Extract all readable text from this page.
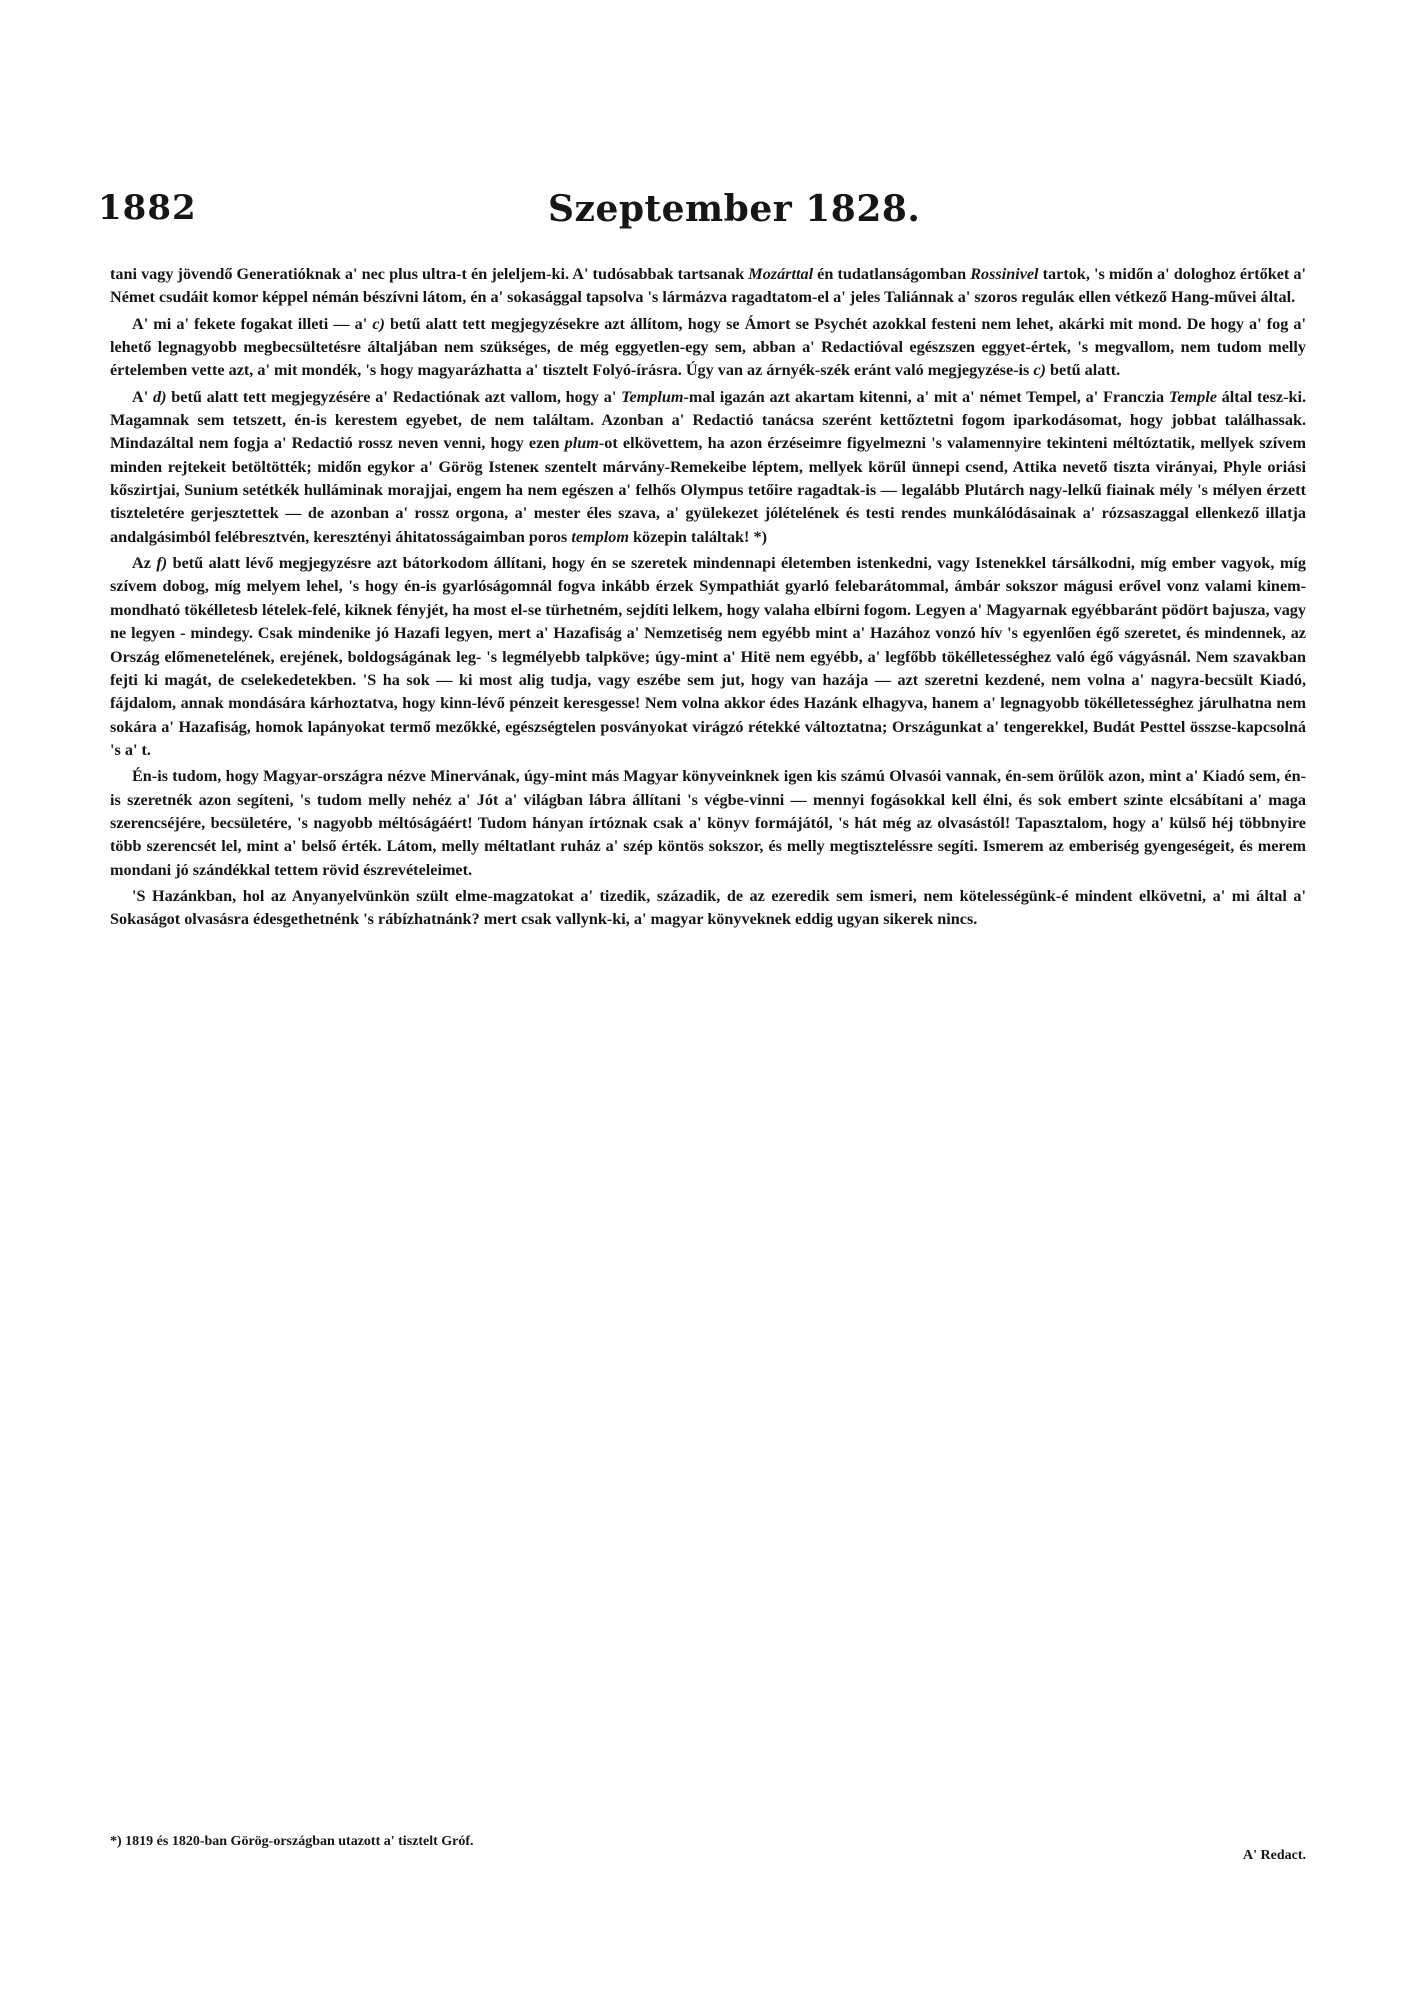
1882	Szeptember 1828.

tani vagy jövendő Generatióknak a' nec plus ultra-t én jeleljem-ki. A' tudósabbak tartsanak Mozárttal én tudatlanságomban Rossinivel tartok, 's midőn a' dologhoz értőket a' Német csudáit komor képpel némán bészívni látom, én a' sokasággal tapsolva 's lármázva ragadtatom-el a' jeles Taliánnak a' szoros reguláк ellen vétkező Hang-művei által.

A' mi a' fekete fogakat illeti — a' c) betű alatt tett megjegyzésekre azt állítom, hogy se Ámort se Psychét azokkal festeni nem lehet, akárki mit mond. De hogy a' fog a' lehető legnagyobb megbecsültetésre általjában nem szükséges, de még eggyetlen-egy sem, abban a' Redactióval egészszen eggyet-értek, 's megvallom, nem tudom melly értelemben vette azt, a' mit mondék, 's hogy magyarázhatta a' tisztelt Folyó-írásra. Úgy van az árnyék-szék eránt való megjegyzése-is c) betű alatt.

A' d) betű alatt tett megjegyzésére a' Redactiónak azt vallom, hogy a' Templum-mal igazán azt akartam kitenni, a' mit a' német Tempel, a' Franczia Temple által tesz-ki. Magamnak sem tetszett, én-is kerestem egyebet, de nem találtam. Azonban a' Redactió tanácsa szerént kettőztetni fogom iparkodásomat, hogy jobbat találhassak. Mindazáltal nem fogja a' Redactió rossz neven venni, hogy ezen plum-ot elkövettem, ha azon érzéseimre figyelmezni 's valamennyire tekinteni méltóztatik, mellyek szívem minden rejtekeit betöltötték; midőn egykor a' Görög Isteneк szentelt márvány-Remekeibe léptem, mellyek körűl ünnepi csend, Attika nevető tiszta virányai, Phyle oriási kőszirtjai, Sunium setétkék hulláminak morajjai, engem ha nem egészen a' felhős Olympus tetőire ragadtak-is — legalább Plutárch nagy-lelkű fiainak mély 's mélyen érzett tiszteletére gerjesztettek — de azonban a' rossz orgona, a' mester éles szava, a' gyülekezet jólételének és testi rendes munkálódásainak a' rózsaszaggal ellenkező illatja andalgásimból felébresztvén, keresztényi áhitatosságaimban poros templom közepin találtak! *)

Az f) betű alatt lévő megjegyzésre azt bátorkodom állítani, hogy én se szeretek mindennapi életemben istenkedni, vagy Istenekkel társálkodni, míg ember vagyok, míg szívem dobog, míg melyem lehel, 's hogy én-is gyarlóságomnál fogva inkább érzek Sympathiát gyarló felebarátommal, ámbár sokszor mágusi erővel vonz valami kinem-mondható tökélletesb lételek-felé, kiknek fényjét, ha most el-se türhetném, sejdíti lelkem, hogy valaha elbírni fogom. Legyen a' Magyarnak egyébbaránt pödört bajusza, vagy ne legyen - mindegy. Csak mindenike jó Hazafi legyen, mert a' Hazafiság a' Nemzetiség nem egyébb mint a' Hazához vonzó hív 's egyenlően égő szeretet, és mindennek, az Ország előmenetelének, erejének, boldogságának leg- 's legmélyebb talpköve; úgy-mint a' Hitё nem egyébb, a' legfőbb tökélletességhez való égő vágyásnál. Nem szavakban fejti ki magát, de cselekedetekben. 'S ha sok — ki most alig tudja, vagy eszébe sem jut, hogy van hazája — azt szeretni kezdené, nem volna a' nagyra-becsült Kiadó, fájdalom, annak mondására kárhoztatva, hogy kinn-lévő pénzeit keresgesse! Nem volna akkor édes Hazánk elhagyva, hanem a' legnagyobb tökélletességhez járulhatna nem sokára a' Hazafiság, homok lapányokat termő mezőkké, egészségtelen posványokat virágzó rétekké változtatna; Országunkat a' tengerekkel, Budát Pesttel összse-kapcsolná 's a' t.

Én-is tudom, hogy Magyar-országra nézve Minervának, úgy-mint más Magyar könyveinknek igen kis számú Olvasói vannak, én-sem örűlök azon, mint a' Kiadó sem, én-is szeretnék azon segíteni, 's tudom melly nehéz a' Jót a' világban lábra állítani 's végbe-vinni — mennyi fogásokkal kell élni, és sok embert szinte elcsábítani a' maga szerencséjére, becsületére, 's nagyobb méltóságáért! Tudom hányan írtóznak csak a' könyv formájától, 's hát még az olvasástól! Tapasztalom, hogy a' külső héj többnyire több szerencsét lel, mint a' belső érték. Látom, melly méltatlant ruház a' szép köntös sokszor, és melly megtiszteléssre segíti. Ismerem az emberiség gyengeségeit, és merem mondani jó szándékkal tettem rövid észrevételeimet.

'S Hazánkban, hol az Anyanyelvünkön szült elme-magzatokat a' tizedik, századik, de az ezeredik sem ismeri, nem kötelességünk-é mindent elkövetni, a' mi által a' Sokaságot olvasásra édesgethetnénk 's rábízhatnánk? mert csak vallynk-ki, a' magyar könyveknek eddig ugyan sikerek nincs.

*) 1819 és 1820-ban Görög-országban utazott a' tisztelt Gróf.
A' Redact.
